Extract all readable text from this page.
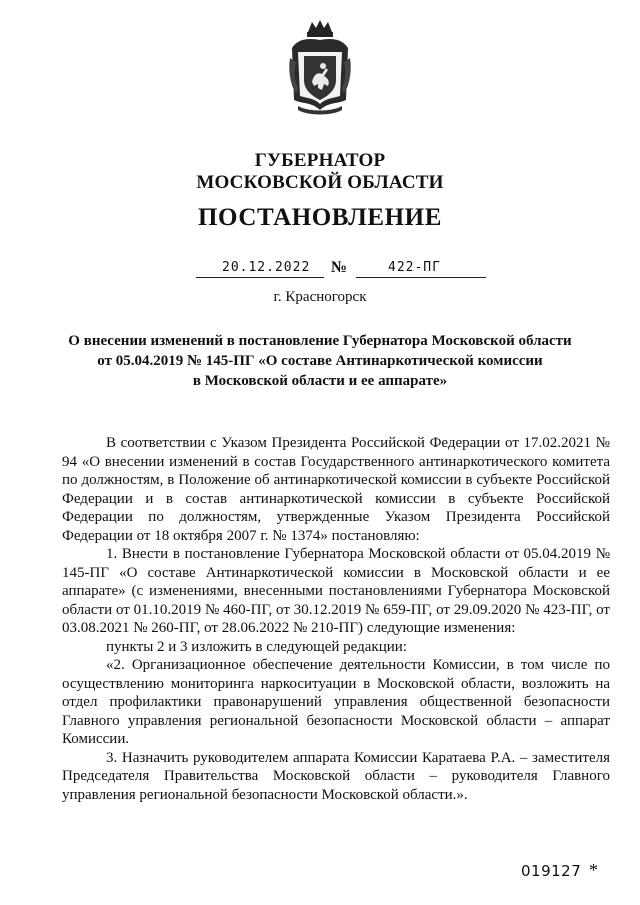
ГУБЕРНАТОР
МОСКОВСКОЙ ОБЛАСТИ
ПОСТАНОВЛЕНИЕ
20.12.2022 №	422-ПГ
г. Красногорск
О внесении изменений в постановление Губернатора Московской области
от 05.04.2019 № 145-ПГ «О составе Антинаркотической комиссии
в Московской области и ее аппарате»

В соответствии с Указом Президента Российской Федерации от 17.02.2021 № 94 «О внесении изменений в состав Государственного антинаркотического комитета по должностям, в Положение об антинаркотической комиссии в субъекте Российской Федерации и в состав антинаркотической комиссии в субъекте Российской Федерации по должностям, утвержденные Указом Президента Российской Федерации от 18 октября 2007 г. № 1374» постановляю:

1. Внести в постановление Губернатора Московской области от 05.04.2019 № 145-ПГ «О составе Антинаркотической комиссии в Московской области и ее аппарате» (с изменениями, внесенными постановлениями Губернатора Московской области от 01.10.2019 № 460-ПГ, от 30.12.2019 № 659-ПГ, от 29.09.2020 № 423-ПГ, от 03.08.2021 № 260-ПГ, от 28.06.2022 № 210-ПГ) следующие изменения:

пункты 2 и 3 изложить в следующей редакции:

«2. Организационное обеспечение деятельности Комиссии, в том числе по осуществлению мониторинга наркоситуации в Московской области, возложить на отдел профилактики правонарушений управления общественной безопасности Главного управления региональной безопасности Московской области – аппарат Комиссии.

3. Назначить руководителем аппарата Комиссии Каратаева Р.А. – заместителя Председателя Правительства Московской области – руководителя Главного управления региональной безопасности Московской области.».

019127 *
